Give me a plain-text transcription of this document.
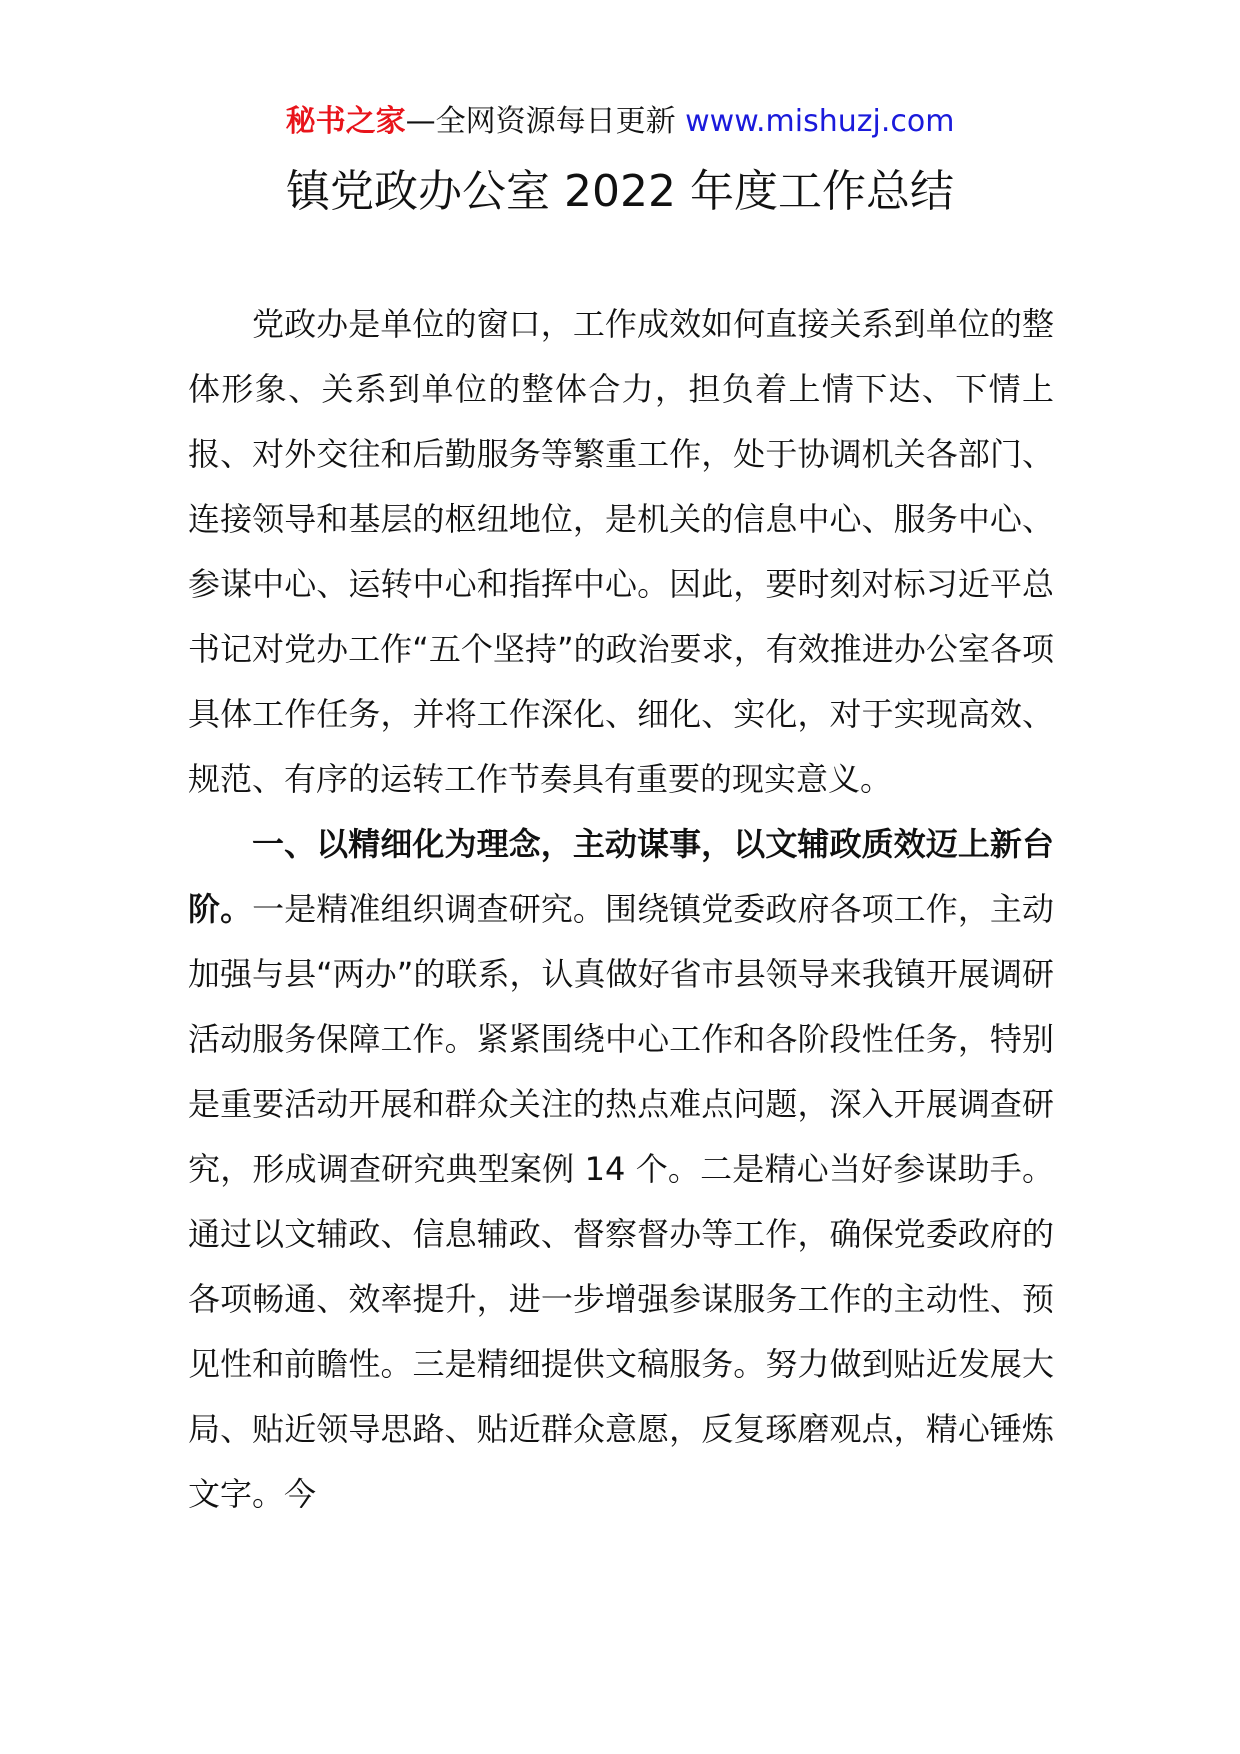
秘书之家—全网资源每日更新 www.mishuzj.com
镇党政办公室 2022 年度工作总结

党政办是单位的窗口，工作成效如何直接关系到单位的整体形象、关系到单位的整体合力，担负着上情下达、下情上报、对外交往和后勤服务等繁重工作，处于协调机关各部门、连接领导和基层的枢纽地位，是机关的信息中心、服务中心、参谋中心、运转中心和指挥中心。因此，要时刻对标习近平总书记对党办工作“五个坚持”的政治要求，有效推进办公室各项具体工作任务，并将工作深化、细化、实化，对于实现高效、规范、有序的运转工作节奏具有重要的现实意义。

一、以精细化为理念，主动谋事，以文辅政质效迈上新台阶。一是精准组织调查研究。围绕镇党委政府各项工作，主动加强与县“两办”的联系，认真做好省市县领导来我镇开展调研活动服务保障工作。紧紧围绕中心工作和各阶段性任务，特别是重要活动开展和群众关注的热点难点问题，深入开展调查研究，形成调查研究典型案例 14 个。二是精心当好参谋助手。通过以文辅政、信息辅政、督察督办等工作，确保党委政府的各项畅通、效率提升，进一步增强参谋服务工作的主动性、预见性和前瞻性。三是精细提供文稿服务。努力做到贴近发展大局、贴近领导思路、贴近群众意愿，反复琢磨观点，精心锤炼文字。今
